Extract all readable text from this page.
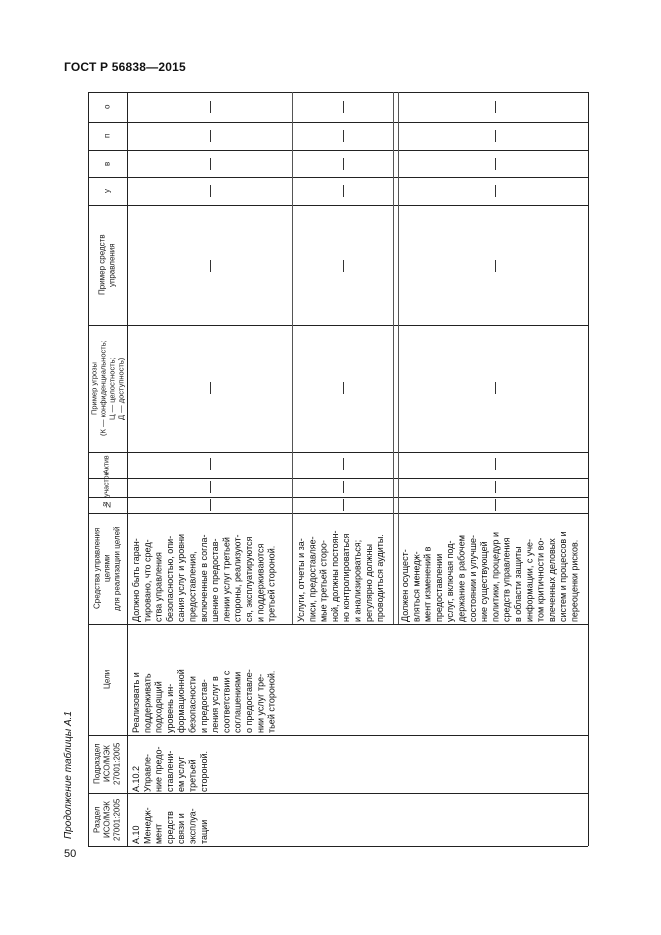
ГОСТ Р 56838—2015
50
Продолжение таблицы А.1	Раздел
ИСО/МЭК
27001:2005
Подраздел
ИСО/МЭК
27001:2005
Цели
Средства управления целями
для реализации целей
№
участок
Актив
Пример угрозы
(К — конфиденциальность;
Ц — целостность;
Д — доступность)
Пример средств
управления
у
в
п
о
А.10
Менедж-
мент
средств
связи и
эксплуа-
тации
А.10.2
Управле-
ние предо-
ставлени-
ем услуг
третьей
стороной.
Реализовать и
поддерживать
подходящий
уровень ин-
формационной
безопасности
и предостав-
ления услуг в
соответствии с
соглашениями
о предоставле-
нии услуг тре-
тьей стороной.
Должно быть гаран-
тировано, что сред-
ства управления
безопасностью, опи-
сания услуг и уровни
предоставления,
включенные в согла-
шение о предостав-
лении услуг третьей
стороны, реализуют-
ся, эксплуатируются
и поддерживаются
третьей стороной.
Услуги, отчеты и за-
писи, предоставляе-
мые третьей сторо-
ной, должны постоян-
но контролироваться
и анализироваться;
регулярно должны
проводиться аудиты.
Должен осущест-
вляться менедж-
мент изменений в
предоставлении
услуг, включая под-
держание в рабочем
состоянии и улучше-
ние существующей
политики, процедур и
средств управления
в области защиты
информации, с уче-
том критичности во-
влеченных деловых
систем и процессов и
переоценки рисков.
